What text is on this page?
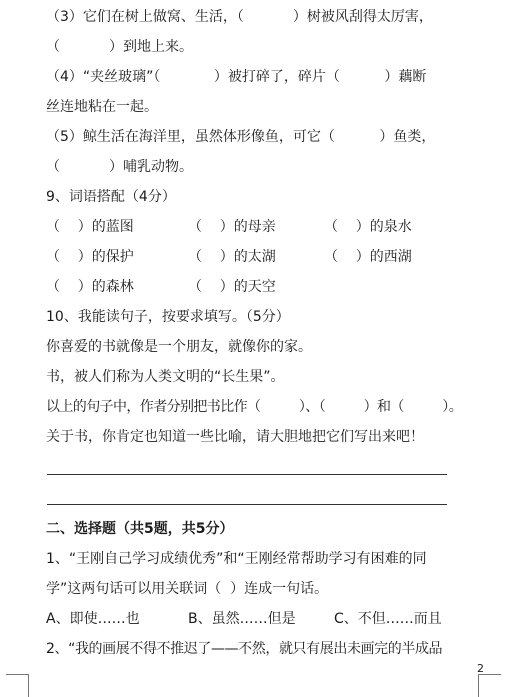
（3）它们在树上做窝、生活，（           ）树被风刮得太厉害，
（           ）到地上来。
（4）“夹丝玻璃”（            ）被打碎了，碎片（          ）藕断
丝连地粘在一起。
（5）鲸生活在海洋里，虽然体形像鱼，可它（          ）鱼类，
（           ）哺乳动物。
9、词语搭配（4分）
（    ）的蓝图	（    ）的母亲	（    ）的泉水
（    ）的保护	（    ）的太湖	（    ）的西湖
（    ）的森林	（    ）的天空
10、我能读句子，按要求填写。（5分）
你喜爱的书就像是一个朋友，就像你的家。
书，被人们称为人类文明的“长生果”。
以上的句子中，作者分别把书比作（          ）、（          ）和（          ）。
关于书，你肯定也知道一些比喻，请大胆地把它们写出来吧！
二、选择题（共5题，共5分）
1、“王刚自己学习成绩优秀”和“王刚经常帮助学习有困难的同
学”这两句话可以用关联词（  ）连成一句话。
A、即使……也	B、虽然……但是	C、不但……而且
2、“我的画展不得不推迟了——不然，就只有展出未画完的半成品
2
